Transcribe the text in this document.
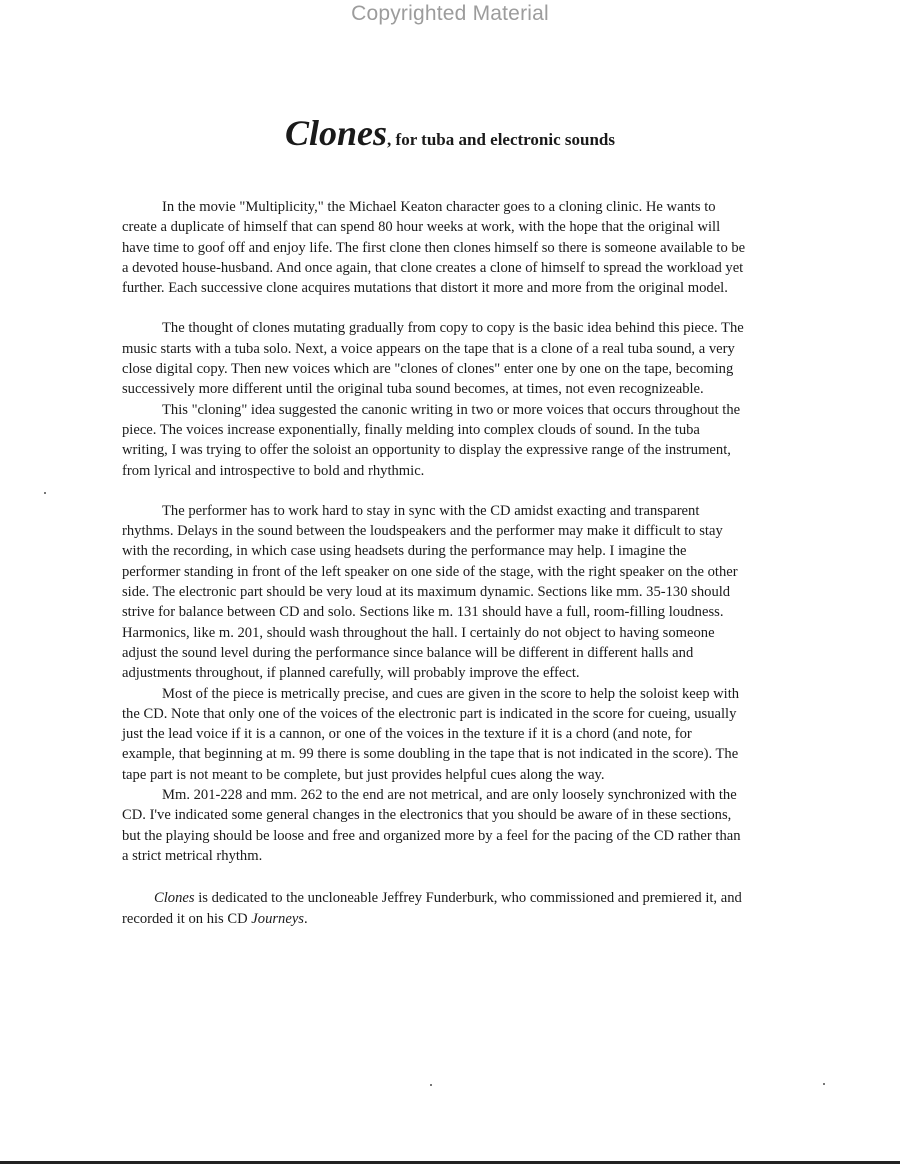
Copyrighted Material
Clones, for tuba and electronic sounds

In the movie "Multiplicity," the Michael Keaton character goes to a cloning clinic. He wants to create a duplicate of himself that can spend 80 hour weeks at work, with the hope that the original will have time to goof off and enjoy life. The first clone then clones himself so there is someone available to be a devoted house-husband. And once again, that clone creates a clone of himself to spread the workload yet further. Each successive clone acquires mutations that distort it more and more from the original model.

The thought of clones mutating gradually from copy to copy is the basic idea behind this piece. The music starts with a tuba solo. Next, a voice appears on the tape that is a clone of a real tuba sound, a very close digital copy. Then new voices which are "clones of clones" enter one by one on the tape, becoming successively more different until the original tuba sound becomes, at times, not even recognizeable.

This "cloning" idea suggested the canonic writing in two or more voices that occurs throughout the piece. The voices increase exponentially, finally melding into complex clouds of sound. In the tuba writing, I was trying to offer the soloist an opportunity to display the expressive range of the instrument, from lyrical and introspective to bold and rhythmic.

The performer has to work hard to stay in sync with the CD amidst exacting and transparent rhythms. Delays in the sound between the loudspeakers and the performer may make it difficult to stay with the recording, in which case using headsets during the performance may help. I imagine the performer standing in front of the left speaker on one side of the stage, with the right speaker on the other side. The electronic part should be very loud at its maximum dynamic. Sections like mm. 35-130 should strive for balance between CD and solo. Sections like m. 131 should have a full, room-filling loudness. Harmonics, like m. 201, should wash throughout the hall. I certainly do not object to having someone adjust the sound level during the performance since balance will be different in different halls and adjustments throughout, if planned carefully, will probably improve the effect.

Most of the piece is metrically precise, and cues are given in the score to help the soloist keep with the CD. Note that only one of the voices of the electronic part is indicated in the score for cueing, usually just the lead voice if it is a cannon, or one of the voices in the texture if it is a chord (and note, for example, that beginning at m. 99 there is some doubling in the tape that is not indicated in the score). The tape part is not meant to be complete, but just provides helpful cues along the way.

Mm. 201-228 and mm. 262 to the end are not metrical, and are only loosely synchronized with the CD. I've indicated some general changes in the electronics that you should be aware of in these sections, but the playing should be loose and free and organized more by a feel for the pacing of the CD rather than a strict metrical rhythm.

Clones is dedicated to the uncloneable Jeffrey Funderburk, who commissioned and premiered it, and recorded it on his CD Journeys.
